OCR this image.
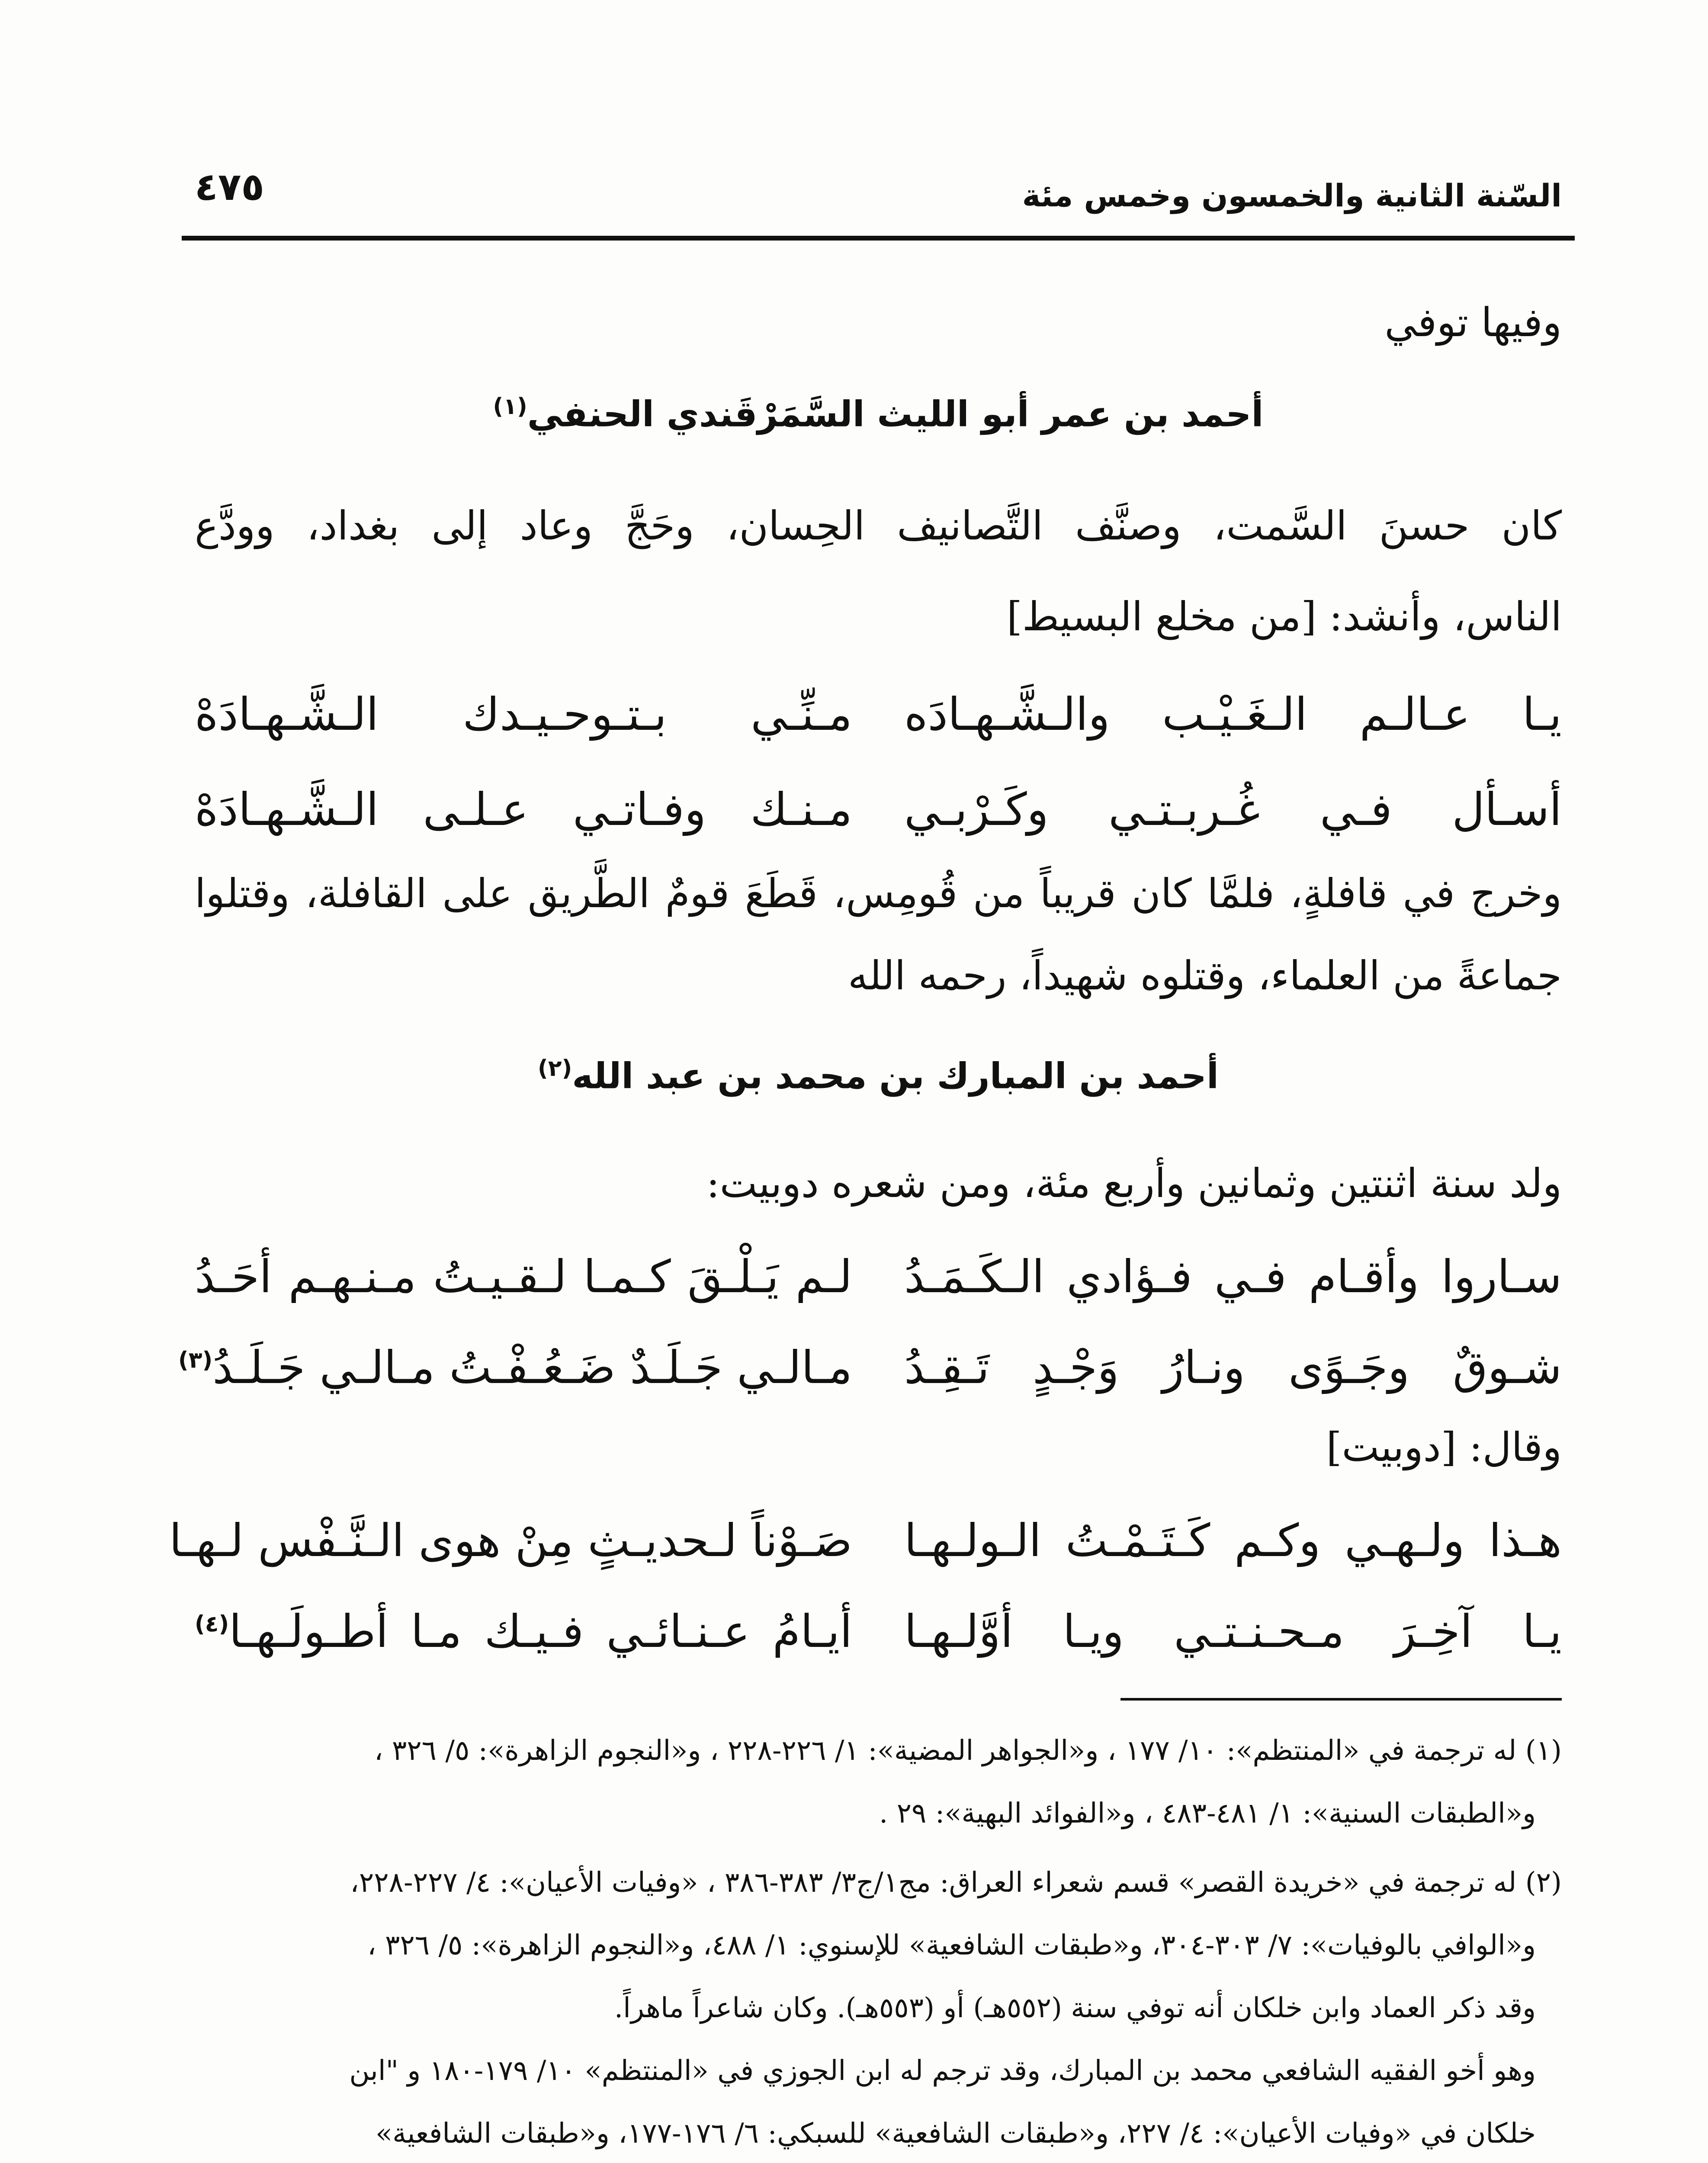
السّنة الثانية والخمسون وخمس مئة
٤٧٥
وفيها توفي
أحمد بن عمر أبو الليث السَّمَرْقَندي الحنفي$^{(١)}$
كان حسنَ السَّمت، وصنَّف التَّصانيف الحِسان، وحَجَّ وعاد إلى بغداد، وودَّع
الناس، وأنشد: [من مخلع البسيط]
يـا عـالـم الـغَـيْـب والـشَّـهـادَه
مـنِّـي بـتـوحـيـدك الـشَّـهـادَهْ
أسـأل فـي غُـربـتـي وكَـرْبـي
مـنـك وفـاتـي عـلـى الـشَّـهـادَهْ
وخرج في قافلةٍ، فلمَّا كان قريباً من قُومِس، قَطَعَ قومٌ الطَّريق على القافلة، وقتلوا
جماعةً من العلماء، وقتلوه شهيداً، رحمه الله
أحمد بن المبارك بن محمد بن عبد الله$^{(٢)}$
ولد سنة اثنتين وثمانين وأربع مئة، ومن شعره دوبيت:
سـاروا وأقـام فـي فـؤادي الـكَـمَـدُ
لـم يَـلْـقَ كـمـا لـقـيـتُ مـنـهـم أحَـدُ
شـوقٌ وجَـوًى ونـارُ وَجْـدٍ تَـقِـدُ
مـالـي جَـلَـدٌ ضَـعُـفْـتُ مـالـي جَـلَـدُ$^{(٣)}$
وقال: [دوبيت]
هـذا ولـهـي وكـم كَـتَـمْـتُ الـولـهـا
صَـوْناً لـحديـثٍ مِنْ هوى الـنَّـفْس لـهـا
يـا آخِـرَ مـحـنـتـي ويـا أوَّلـهـا
أيـامُ عـنـائـي فـيـك مـا أطـولَـهـا$^{(٤)}$
(١) له ترجمة في «المنتظم»: ١٠/ ١٧٧ ، و«الجواهر المضية»: ١/ ٢٢٦-٢٢٨ ، و«النجوم الزاهرة»: ٥/ ٣٢٦ ،
و«الطبقات السنية»: ١/ ٤٨١-٤٨٣ ، و«الفوائد البهية»: ٢٩ .
(٢) له ترجمة في «خريدة القصر» قسم شعراء العراق: مج١/ج٣/ ٣٨٣-٣٨٦ ، «وفيات الأعيان»: ٤/ ٢٢٧-٢٢٨،
و«الوافي بالوفيات»: ٧/ ٣٠٣-٣٠٤، و«طبقات الشافعية» للإسنوي: ١/ ٤٨٨، و«النجوم الزاهرة»: ٥/ ٣٢٦ ،
وقد ذكر العماد وابن خلكان أنه توفي سنة (٥٥٢هـ) أو (٥٥٣هـ). وكان شاعراً ماهراً.
وهو أخو الفقيه الشافعي محمد بن المبارك، وقد ترجم له ابن الجوزي في «المنتظم» ١٠/ ١٧٩-١٨٠ و "ابن
خلكان في «وفيات الأعيان»: ٤/ ٢٢٧، و«طبقات الشافعية» للسبكي: ٦/ ١٧٦-١٧٧، و«طبقات الشافعية»
